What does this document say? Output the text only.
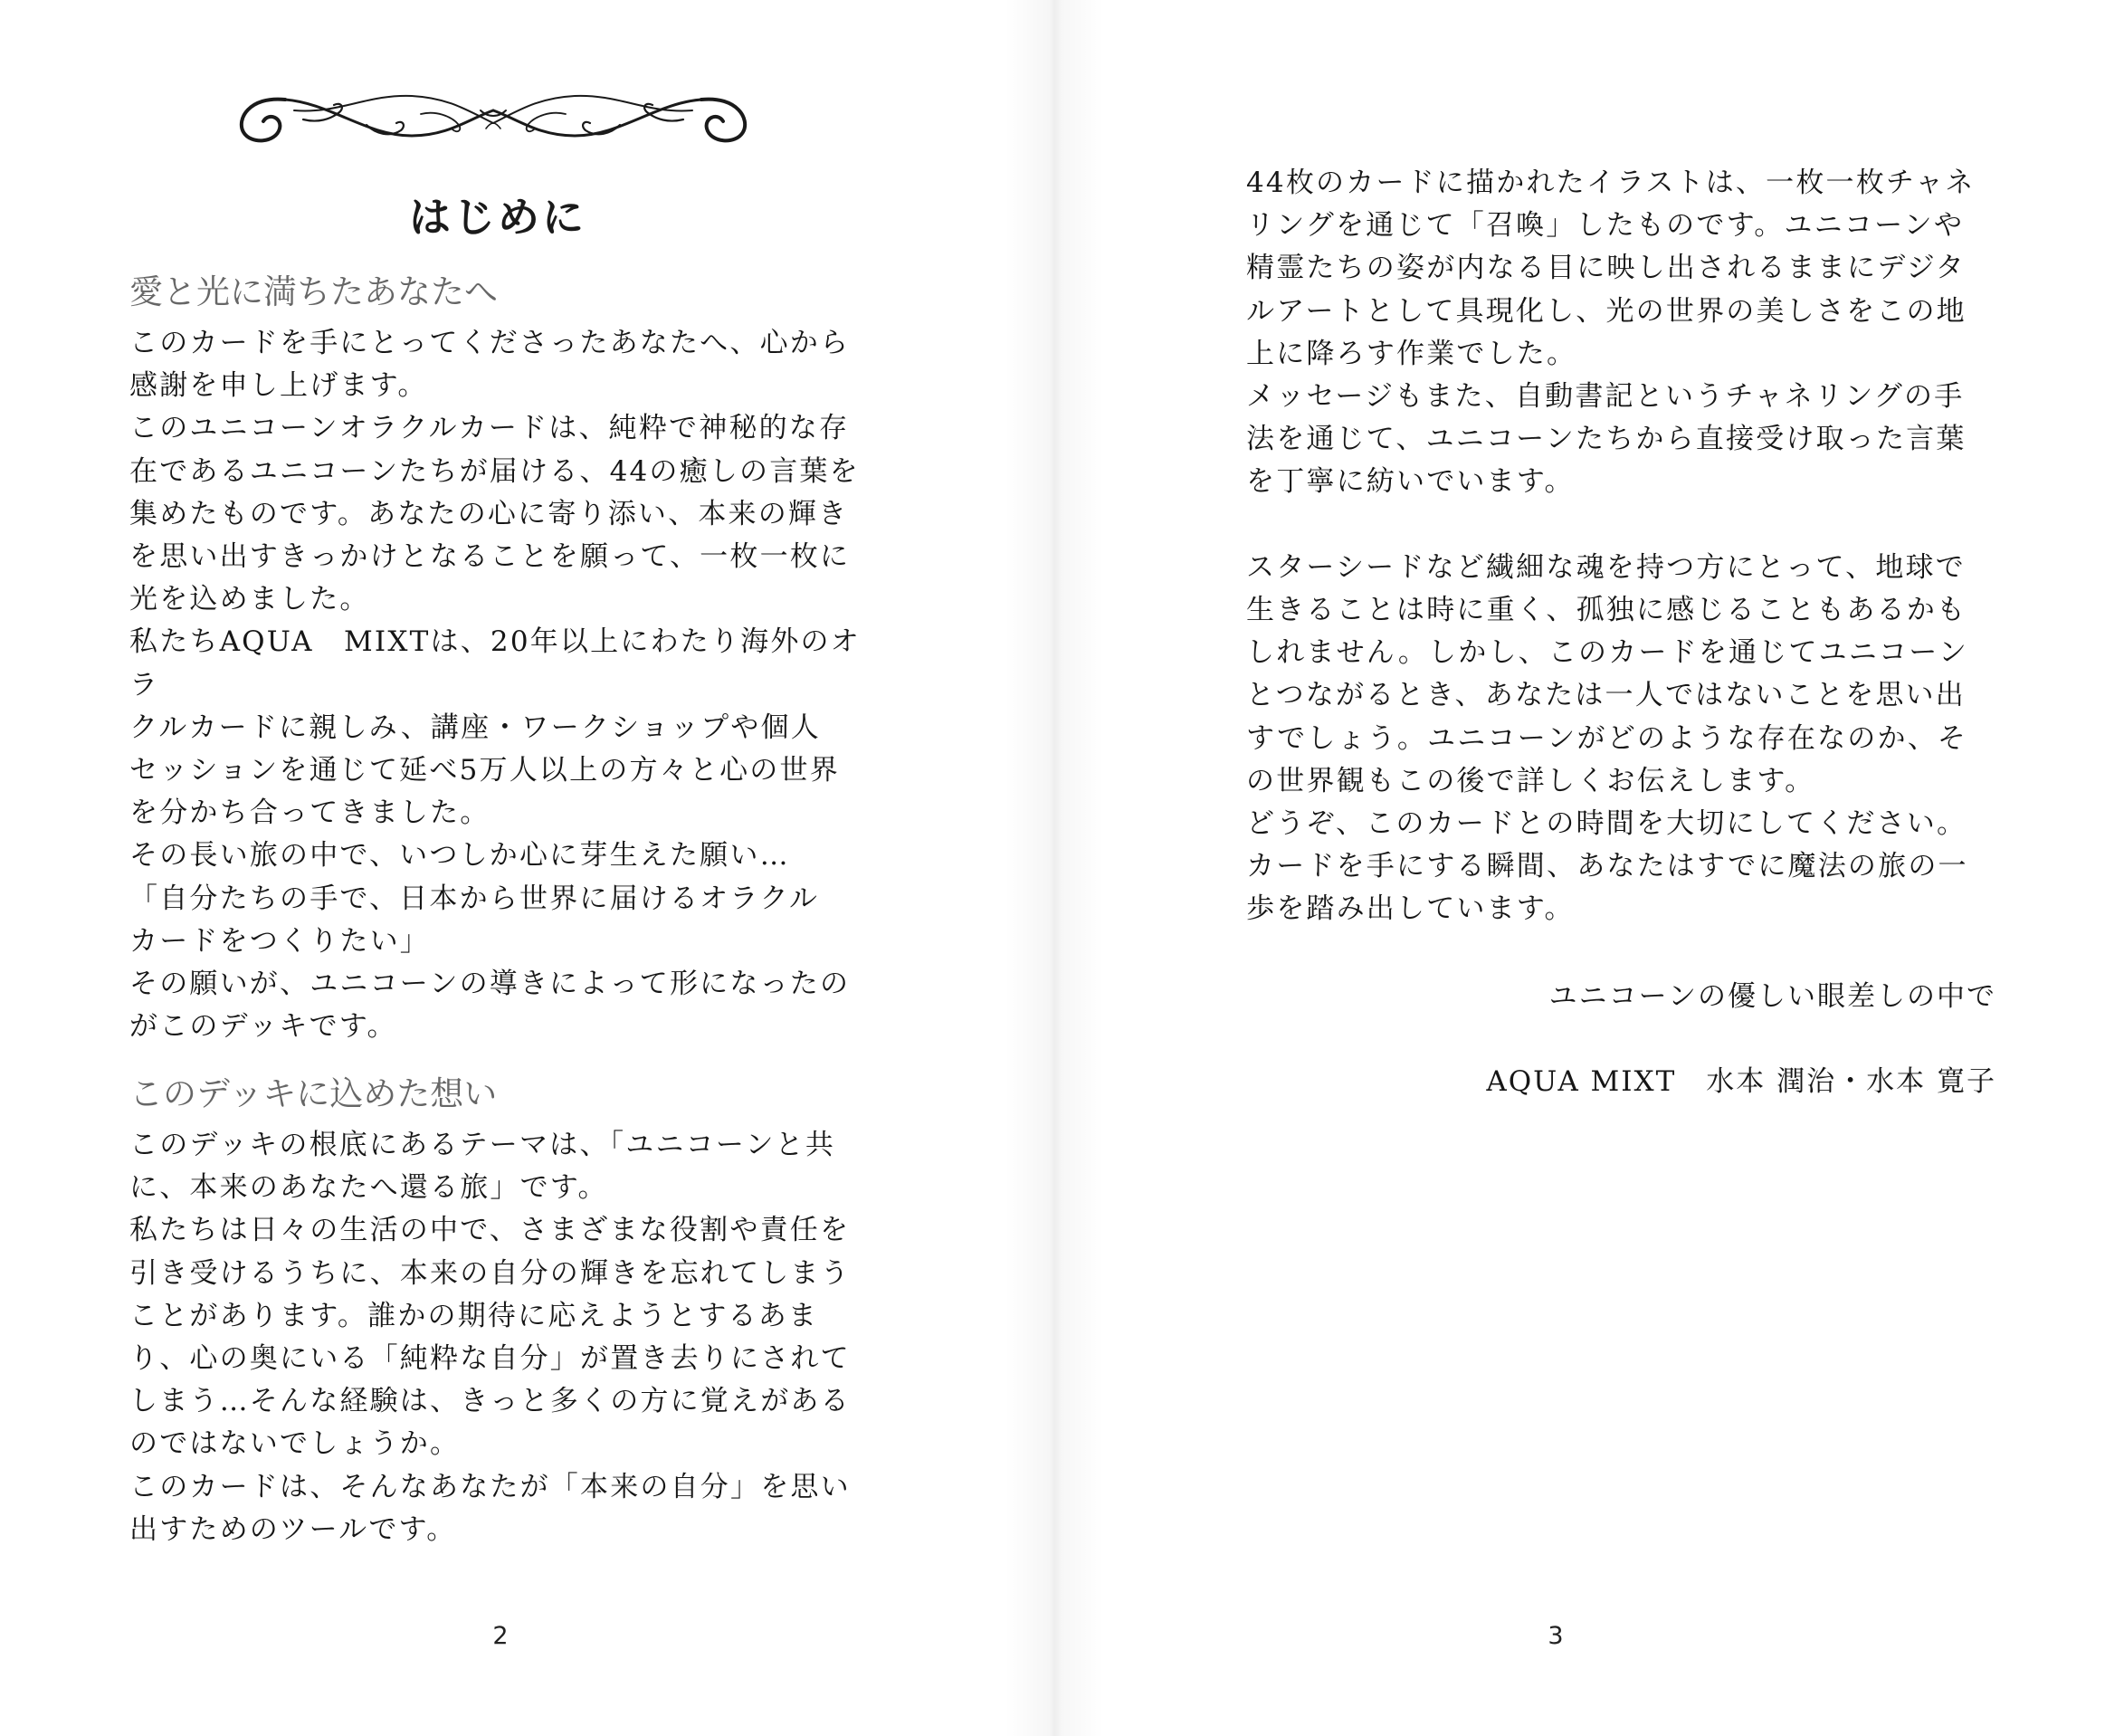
はじめに
愛と光に満ちたあなたへ

このカードを手にとってくださったあなたへ、心から
感謝を申し上げます。

このユニコーンオラクルカードは、純粋で神秘的な存
在であるユニコーンたちが届ける、44の癒しの言葉を
集めたものです。あなたの心に寄り添い、本来の輝き
を思い出すきっかけとなることを願って、一枚一枚に
光を込めました。

私たちAQUA　MIXTは、20年以上にわたり海外のオラ
クルカードに親しみ、講座・ワークショップや個人
セッションを通じて延べ5万人以上の方々と心の世界
を分かち合ってきました。

その長い旅の中で、いつしか心に芽生えた願い…

「自分たちの手で、日本から世界に届けるオラクル
カードをつくりたい」

その願いが、ユニコーンの導きによって形になったの
がこのデッキです。

このデッキに込めた想い

このデッキの根底にあるテーマは、「ユニコーンと共
に、本来のあなたへ還る旅」です。

私たちは日々の生活の中で、さまざまな役割や責任を
引き受けるうちに、本来の自分の輝きを忘れてしまう
ことがあります。誰かの期待に応えようとするあま
り、心の奥にいる「純粋な自分」が置き去りにされて
しまう…そんな経験は、きっと多くの方に覚えがある
のではないでしょうか。

このカードは、そんなあなたが「本来の自分」を思い
出すためのツールです。

2	3

44枚のカードに描かれたイラストは、一枚一枚チャネ
リングを通じて「召喚」したものです。ユニコーンや
精霊たちの姿が内なる目に映し出されるままにデジタ
ルアートとして具現化し、光の世界の美しさをこの地
上に降ろす作業でした。

メッセージもまた、自動書記というチャネリングの手
法を通じて、ユニコーンたちから直接受け取った言葉
を丁寧に紡いでいます。

スターシードなど繊細な魂を持つ方にとって、地球で
生きることは時に重く、孤独に感じることもあるかも
しれません。しかし、このカードを通じてユニコーン
とつながるとき、あなたは一人ではないことを思い出
すでしょう。ユニコーンがどのような存在なのか、そ
の世界観もこの後で詳しくお伝えします。

どうぞ、このカードとの時間を大切にしてください。

カードを手にする瞬間、あなたはすでに魔法の旅の一
歩を踏み出しています。

ユニコーンの優しい眼差しの中で
AQUA MIXT　水本 潤治・水本 寛子
